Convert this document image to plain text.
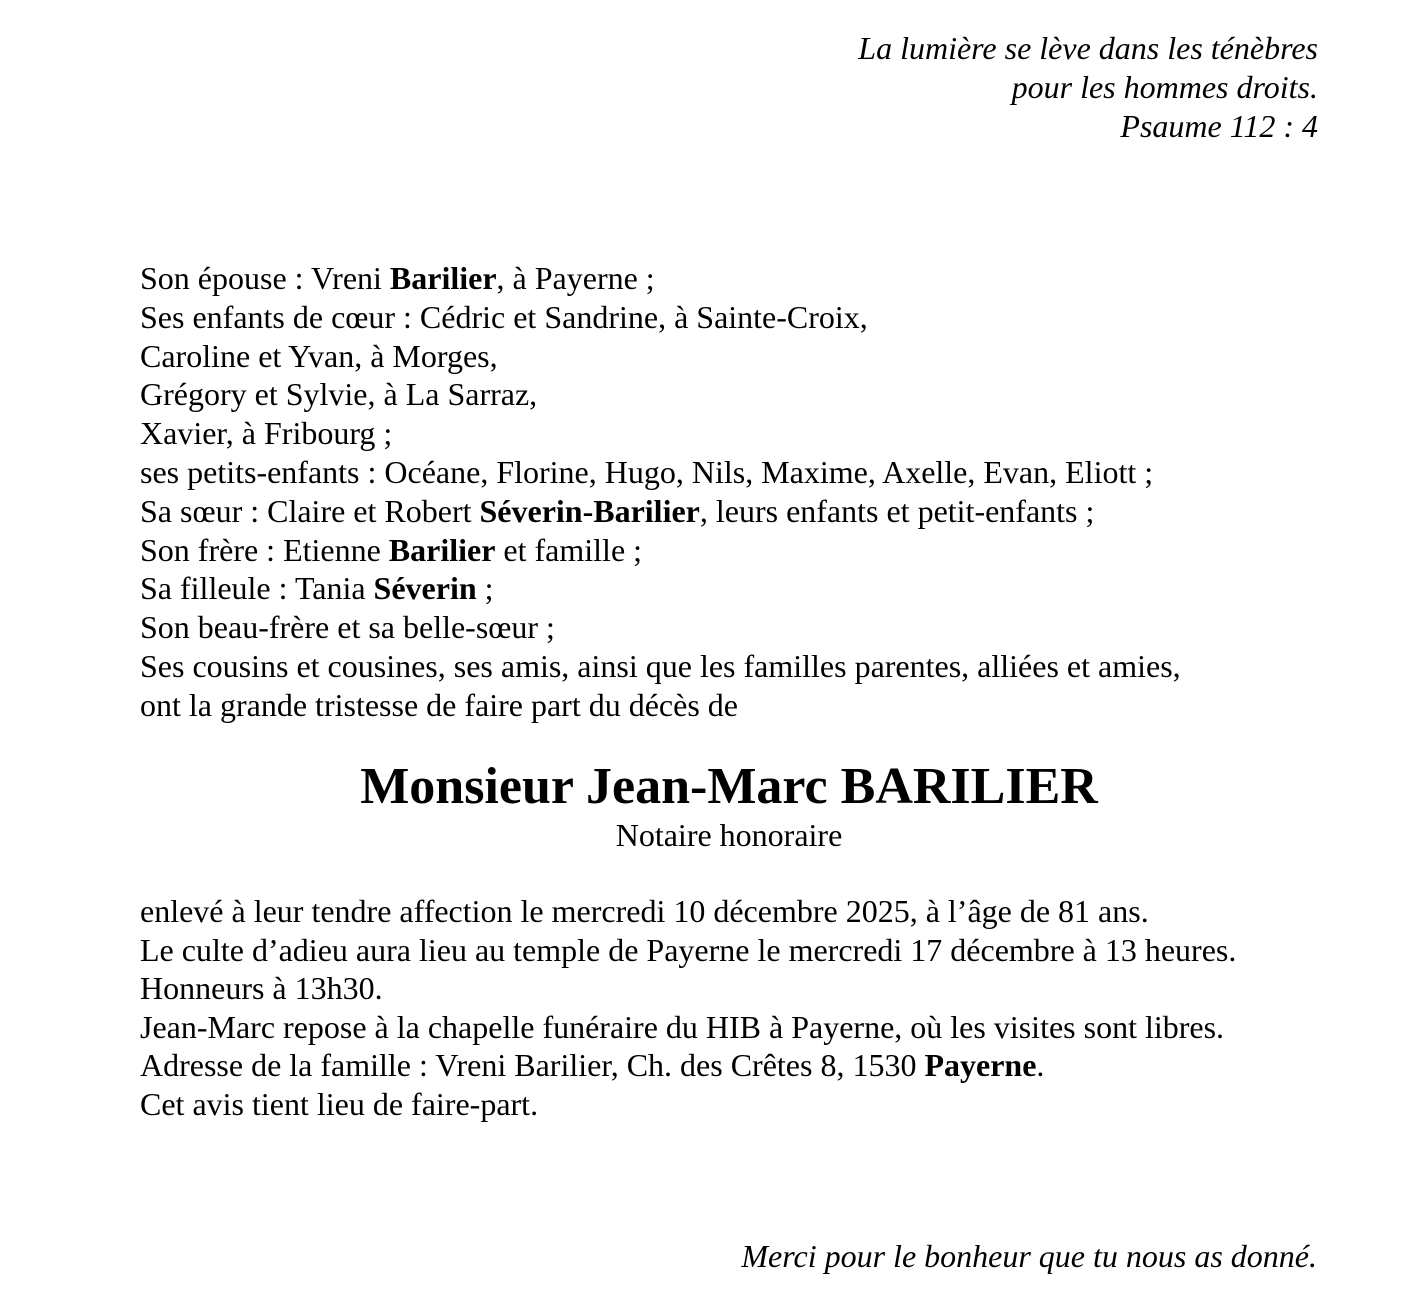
La lumière se lève dans les ténèbres
pour les hommes droits.
Psaume 112 : 4
Son épouse : Vreni Barilier, à Payerne ;
Ses enfants de cœur : Cédric et Sandrine, à Sainte-Croix,
Caroline et Yvan, à Morges,
Grégory et Sylvie, à La Sarraz,
Xavier, à Fribourg ;
ses petits-enfants : Océane, Florine, Hugo, Nils, Maxime, Axelle, Evan, Eliott ;
Sa sœur : Claire et Robert Séverin-Barilier, leurs enfants et petit-enfants ;
Son frère : Etienne Barilier et famille ;
Sa filleule : Tania Séverin ;
Son beau-frère et sa belle-sœur ;
Ses cousins et cousines, ses amis, ainsi que les familles parentes, alliées et amies,
ont la grande tristesse de faire part du décès de
Monsieur Jean-Marc BARILIER
Notaire honoraire
enlevé à leur tendre affection le mercredi 10 décembre 2025, à l’âge de 81 ans.
Le culte d’adieu aura lieu au temple de Payerne le mercredi 17 décembre à 13 heures.
Honneurs à 13h30.
Jean-Marc repose à la chapelle funéraire du HIB à Payerne, où les visites sont libres.
Adresse de la famille : Vreni Barilier, Ch. des Crêtes 8, 1530 Payerne.
Cet avis tient lieu de faire-part.
Merci pour le bonheur que tu nous as donné.
